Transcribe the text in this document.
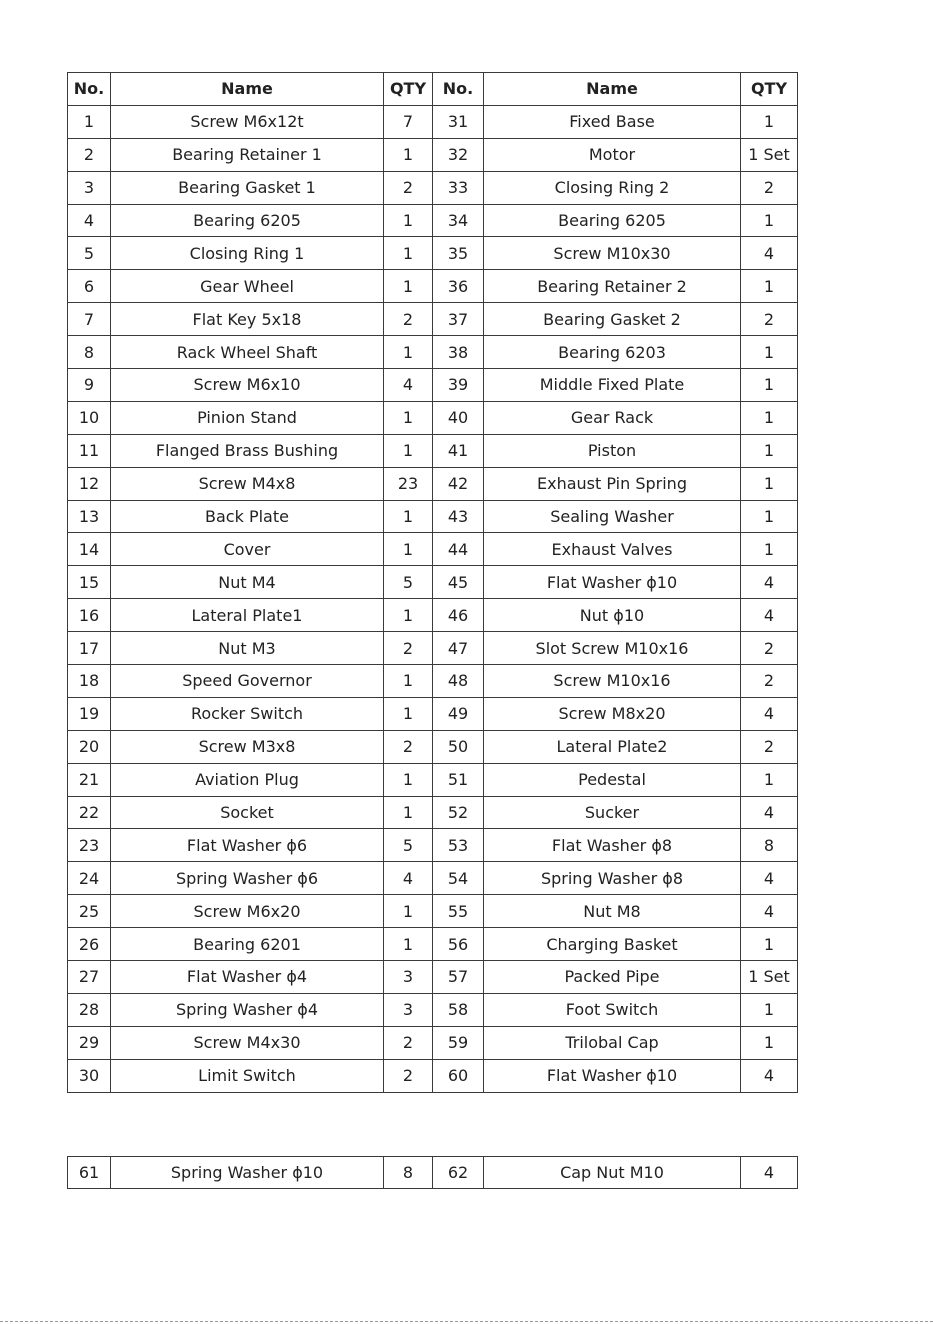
No.	Name	QTY	No.	Name	QTY
1	Screw M6x12t	7	31	Fixed Base	1
2	Bearing Retainer 1	1	32	Motor	1 Set
3	Bearing Gasket 1	2	33	Closing Ring 2	2
4	Bearing 6205	1	34	Bearing 6205	1
5	Closing Ring 1	1	35	Screw M10x30	4
6	Gear Wheel	1	36	Bearing Retainer 2	1
7	Flat Key 5x18	2	37	Bearing Gasket 2	2
8	Rack Wheel Shaft	1	38	Bearing 6203	1
9	Screw M6x10	4	39	Middle Fixed Plate	1
10	Pinion Stand	1	40	Gear Rack	1
11	Flanged Brass Bushing	1	41	Piston	1
12	Screw M4x8	23	42	Exhaust Pin Spring	1
13	Back Plate	1	43	Sealing Washer	1
14	Cover	1	44	Exhaust Valves	1
15	Nut M4	5	45	Flat Washer ϕ10	4
16	Lateral Plate1	1	46	Nut ϕ10	4
17	Nut M3	2	47	Slot Screw M10x16	2
18	Speed Governor	1	48	Screw M10x16	2
19	Rocker Switch	1	49	Screw M8x20	4
20	Screw M3x8	2	50	Lateral Plate2	2
21	Aviation Plug	1	51	Pedestal	1
22	Socket	1	52	Sucker	4
23	Flat Washer ϕ6	5	53	Flat Washer ϕ8	8
24	Spring Washer ϕ6	4	54	Spring Washer ϕ8	4
25	Screw M6x20	1	55	Nut M8	4
26	Bearing 6201	1	56	Charging Basket	1
27	Flat Washer ϕ4	3	57	Packed Pipe	1 Set
28	Spring Washer ϕ4	3	58	Foot Switch	1
29	Screw M4x30	2	59	Trilobal Cap	1
30	Limit Switch	2	60	Flat Washer ϕ10	4
61	Spring Washer ϕ10	8	62	Cap Nut M10	4
